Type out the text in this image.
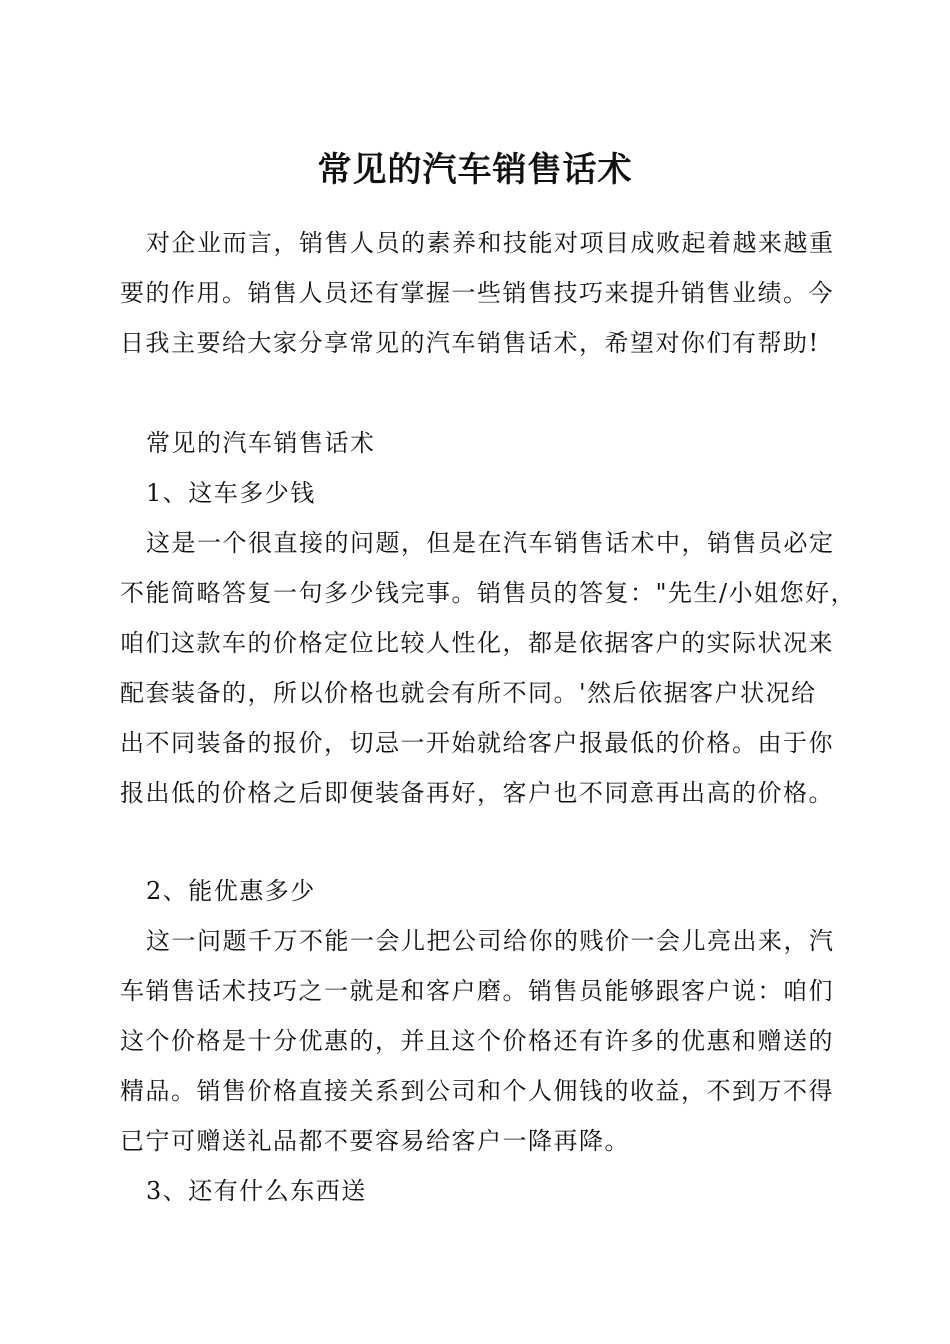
常见的汽车销售话术
对企业而言，销售人员的素养和技能对项目成败起着越来越重
要的作用。销售人员还有掌握一些销售技巧来提升销售业绩。今
日我主要给大家分享常见的汽车销售话术，希望对你们有帮助!
常见的汽车销售话术
1、这车多少钱
这是一个很直接的问题，但是在汽车销售话术中，销售员必定
不能简略答复一句多少钱完事。销售员的答复："先生/小姐您好，
咱们这款车的价格定位比较人性化，都是依据客户的实际状况来
配套装备的，所以价格也就会有所不同。'然后依据客户状况给
出不同装备的报价，切忌一开始就给客户报最低的价格。由于你
报出低的价格之后即便装备再好，客户也不同意再出高的价格。
2、能优惠多少
这一问题千万不能一会儿把公司给你的贱价一会儿亮出来，汽
车销售话术技巧之一就是和客户磨。销售员能够跟客户说：咱们
这个价格是十分优惠的，并且这个价格还有许多的优惠和赠送的
精品。销售价格直接关系到公司和个人佣钱的收益，不到万不得
已宁可赠送礼品都不要容易给客户一降再降。
3、还有什么东西送
